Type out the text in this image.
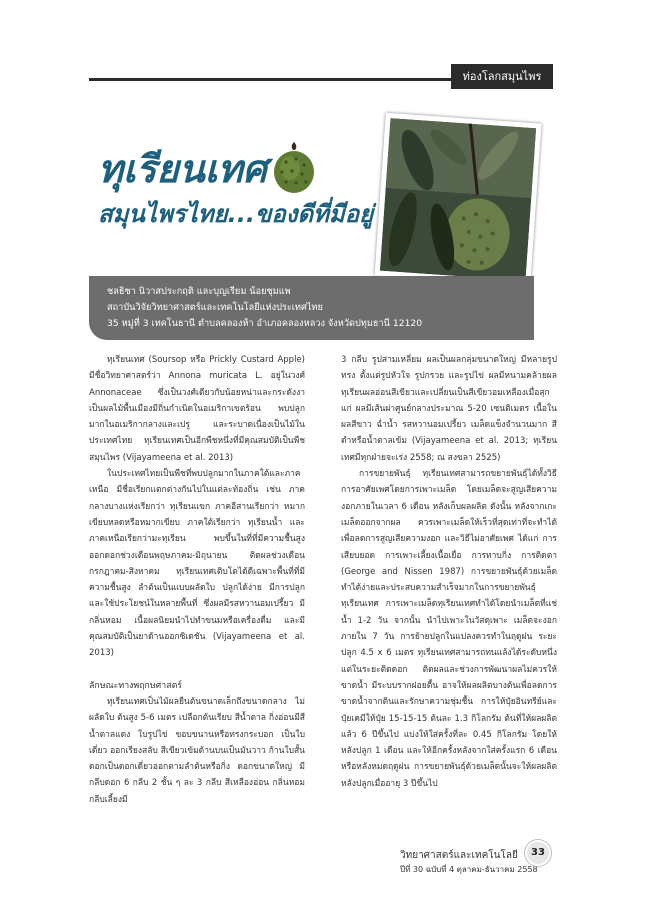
ท่องโลกสมุนไพร
ทุเรียนเทศ
สมุนไพรไทย...ของดีที่มีอยู่
ชลธิชา นิวาสประกฤติ และบุญเรียม น้อยชุมแพ
สถาบันวิจัยวิทยาศาสตร์และเทคโนโลยีแห่งประเทศไทย
35 หมู่ที่ 3 เทคโนธานี ตำบลคลองห้า อำเภอคลองหลวง จังหวัดปทุมธานี 12120

ทุเรียนเทศ (Soursop หรือ Prickly Custard Apple) มีชื่อวิทยาศาสตร์ว่า Annona muricata L. อยู่ในวงศ์ Annonaceae ซึ่งเป็นวงศ์เดียวกับน้อยหน่าและกระดังงา เป็นผลไม้พื้นเมืองมีถิ่นกำเนิดในอเมริกาเขตร้อน พบปลูกมากในอเมริกากลางและเปรู และระบาดเนื่องเป็นไม้ในประเทศไทย ทุเรียนเทศเป็นอีกพืชหนึ่งที่มีคุณสมบัติเป็นพืชสมุนไพร (Vijayameena et al. 2013)

ในประเทศไทยเป็นพืชที่พบปลูกมากในภาคใต้และภาคเหนือ มีชื่อเรียกแตกต่างกันไปในแต่ละท้องถิ่น เช่น ภาคกลางบางแห่งเรียกว่า ทุเรียนแขก ภาคอีสานเรียกว่า หมากเขียบหลดหรือหมากเขียบ ภาคใต้เรียกว่า ทุเรียนน้ำ และภาคเหนือเรียกว่ามะทุเรียน พบขึ้นในที่ที่มีความชื้นสูง ออกดอกช่วงเดือนพฤษภาคม-มิถุนายน ติดผลช่วงเดือนกรกฎาคม-สิงหาคม ทุเรียนเทศเติบโตได้ดีเฉพาะพื้นที่ที่มีความชื้นสูง ลำต้นเป็นแบบผลัดใบ ปลูกได้ง่าย มีการปลูกและใช้ประโยชน์ในหลายพื้นที่ ซึ่งผลมีรสหวานอมเปรี้ยว มีกลิ่นหอม เนื้อผลนิยมนำไปทำขนมหรือเครื่องดื่ม และมีคุณสมบัติเป็นยาด้านออกซิเดชัน (Vijayameena et al. 2013)

ลักษณะทางพฤกษศาสตร์

ทุเรียนเทศเป็นไม้ผลยืนต้นขนาดเล็กถึงขนาดกลาง ไม่ผลัดใบ ต้นสูง 5-6 เมตร เปลือกต้นเรียบ สีน้ำตาล กิ่งอ่อนมีสีน้ำตาลแดง ใบรูปไข่ ขอบขนานหรือทรงกระบอก เป็นใบเดี่ยว ออกเรียงสลับ สีเขียวเข้มด้านบนเป็นมันวาว ก้านใบสั้น ดอกเป็นดอกเดี่ยวออกตามลำต้นหรือกิ่ง ดอกขนาดใหญ่ มีกลีบดอก 6 กลีบ 2 ชั้น ๆ ละ 3 กลีบ สีเหลืองอ่อน กลิ่นหอม กลีบเลี้ยงมี

3 กลีบ รูปสามเหลี่ยม ผลเป็นผลกลุ่มขนาดใหญ่ มีหลายรูปทรง ตั้งแต่รูปหัวใจ รูปกรวย และรูปไข่ ผลมีหนามคล้ายผลทุเรียนผลอ่อนสีเขียวและเปลี่ยนเป็นสีเขียวอมเหลืองเมื่อสุกแก่ ผลมีเส้นผ่าศูนย์กลางประมาณ 5-20 เซนติเมตร เนื้อในผลสีขาว ฉ่ำน้ำ รสหวานอมเปรี้ยว เมล็ดแข็งจำนวนมาก สีดำหรือน้ำตาลเข้ม (Vijayameena et al. 2013; ทุเรียนเทศมีทุกฝ่ายจะเร่ง 2558; ณ สงขลา 2525)

การขยายพันธุ์ ทุเรียนเทศสามารถขยายพันธุ์ได้ทั้งวิธีการอาศัยเพศโดยการเพาะเมล็ด โดยเมล็ดจะสูญเสียความงอกภายในเวลา 6 เดือน หลังเก็บผลผลิต ดังนั้น หลังจากเกะเมล็ดออกจากผล ควรเพาะเมล็ดให้เร็วที่สุดเท่าที่จะทำได้ เพื่อลดการสูญเสียความงอก และวิธีไม่อาศัยเพศ ได้แก่ การเสียบยอด การเพาะเลี้ยงเนื้อเยื่อ การทาบกิ่ง การติดตา (George and Nissen 1987) การขยายพันธุ์ด้วยเมล็ดทำได้ง่ายและประสบความสำเร็จมากในการขยายพันธุ์ทุเรียนเทศ การเพาะเมล็ดทุเรียนเทศทำได้โดยนำเมล็ดที่แช่น้ำ 1-2 วัน จากนั้น นำไปเพาะในวัสดุเพาะ เมล็ดจะงอกภายใน 7 วัน การย้ายปลูกในแปลงควรทำในฤดูฝน ระยะปลูก 4.5 x 6 เมตร ทุเรียนเทศสามารถทนแล้งได้ระดับหนึ่ง แต่ในระยะติดดอก ติดผลและช่วงการพัฒนาผลไม่ควรให้ขาดน้ำ มีระบบรากฝอยตื้น อาจให้ผลผลิตบางต้นเพื่อลดการขาดน้ำจากดินและรักษาความชุ่มชื้น การให้ปุ๋ยอินทรีย์และปุ๋ยเคมีให้ปุ๋ย 15-15-15 ต้นละ 1.3 กิโลกรัม ต้นที่ให้ผลผลิตแล้ว 6 ปีขึ้นไป แบ่งให้ใส่ครั้งที่ละ 0.45 กิโลกรัม โดยให้หลังปลูก 1 เดือน และให้อีกครั้งหลังจากใส่ครั้งแรก 6 เดือน หรือหลังหมดฤดูฝน การขยายพันธุ์ด้วยเมล็ดนั้นจะให้ผลผลิตหลังปลูกเมื่ออายุ 3 ปีขึ้นไป

วิทยาศาสตร์และเทคโนโลยี
ปีที่ 30 ฉบับที่ 4 ตุลาคม-ธันวาคม 2558
33
